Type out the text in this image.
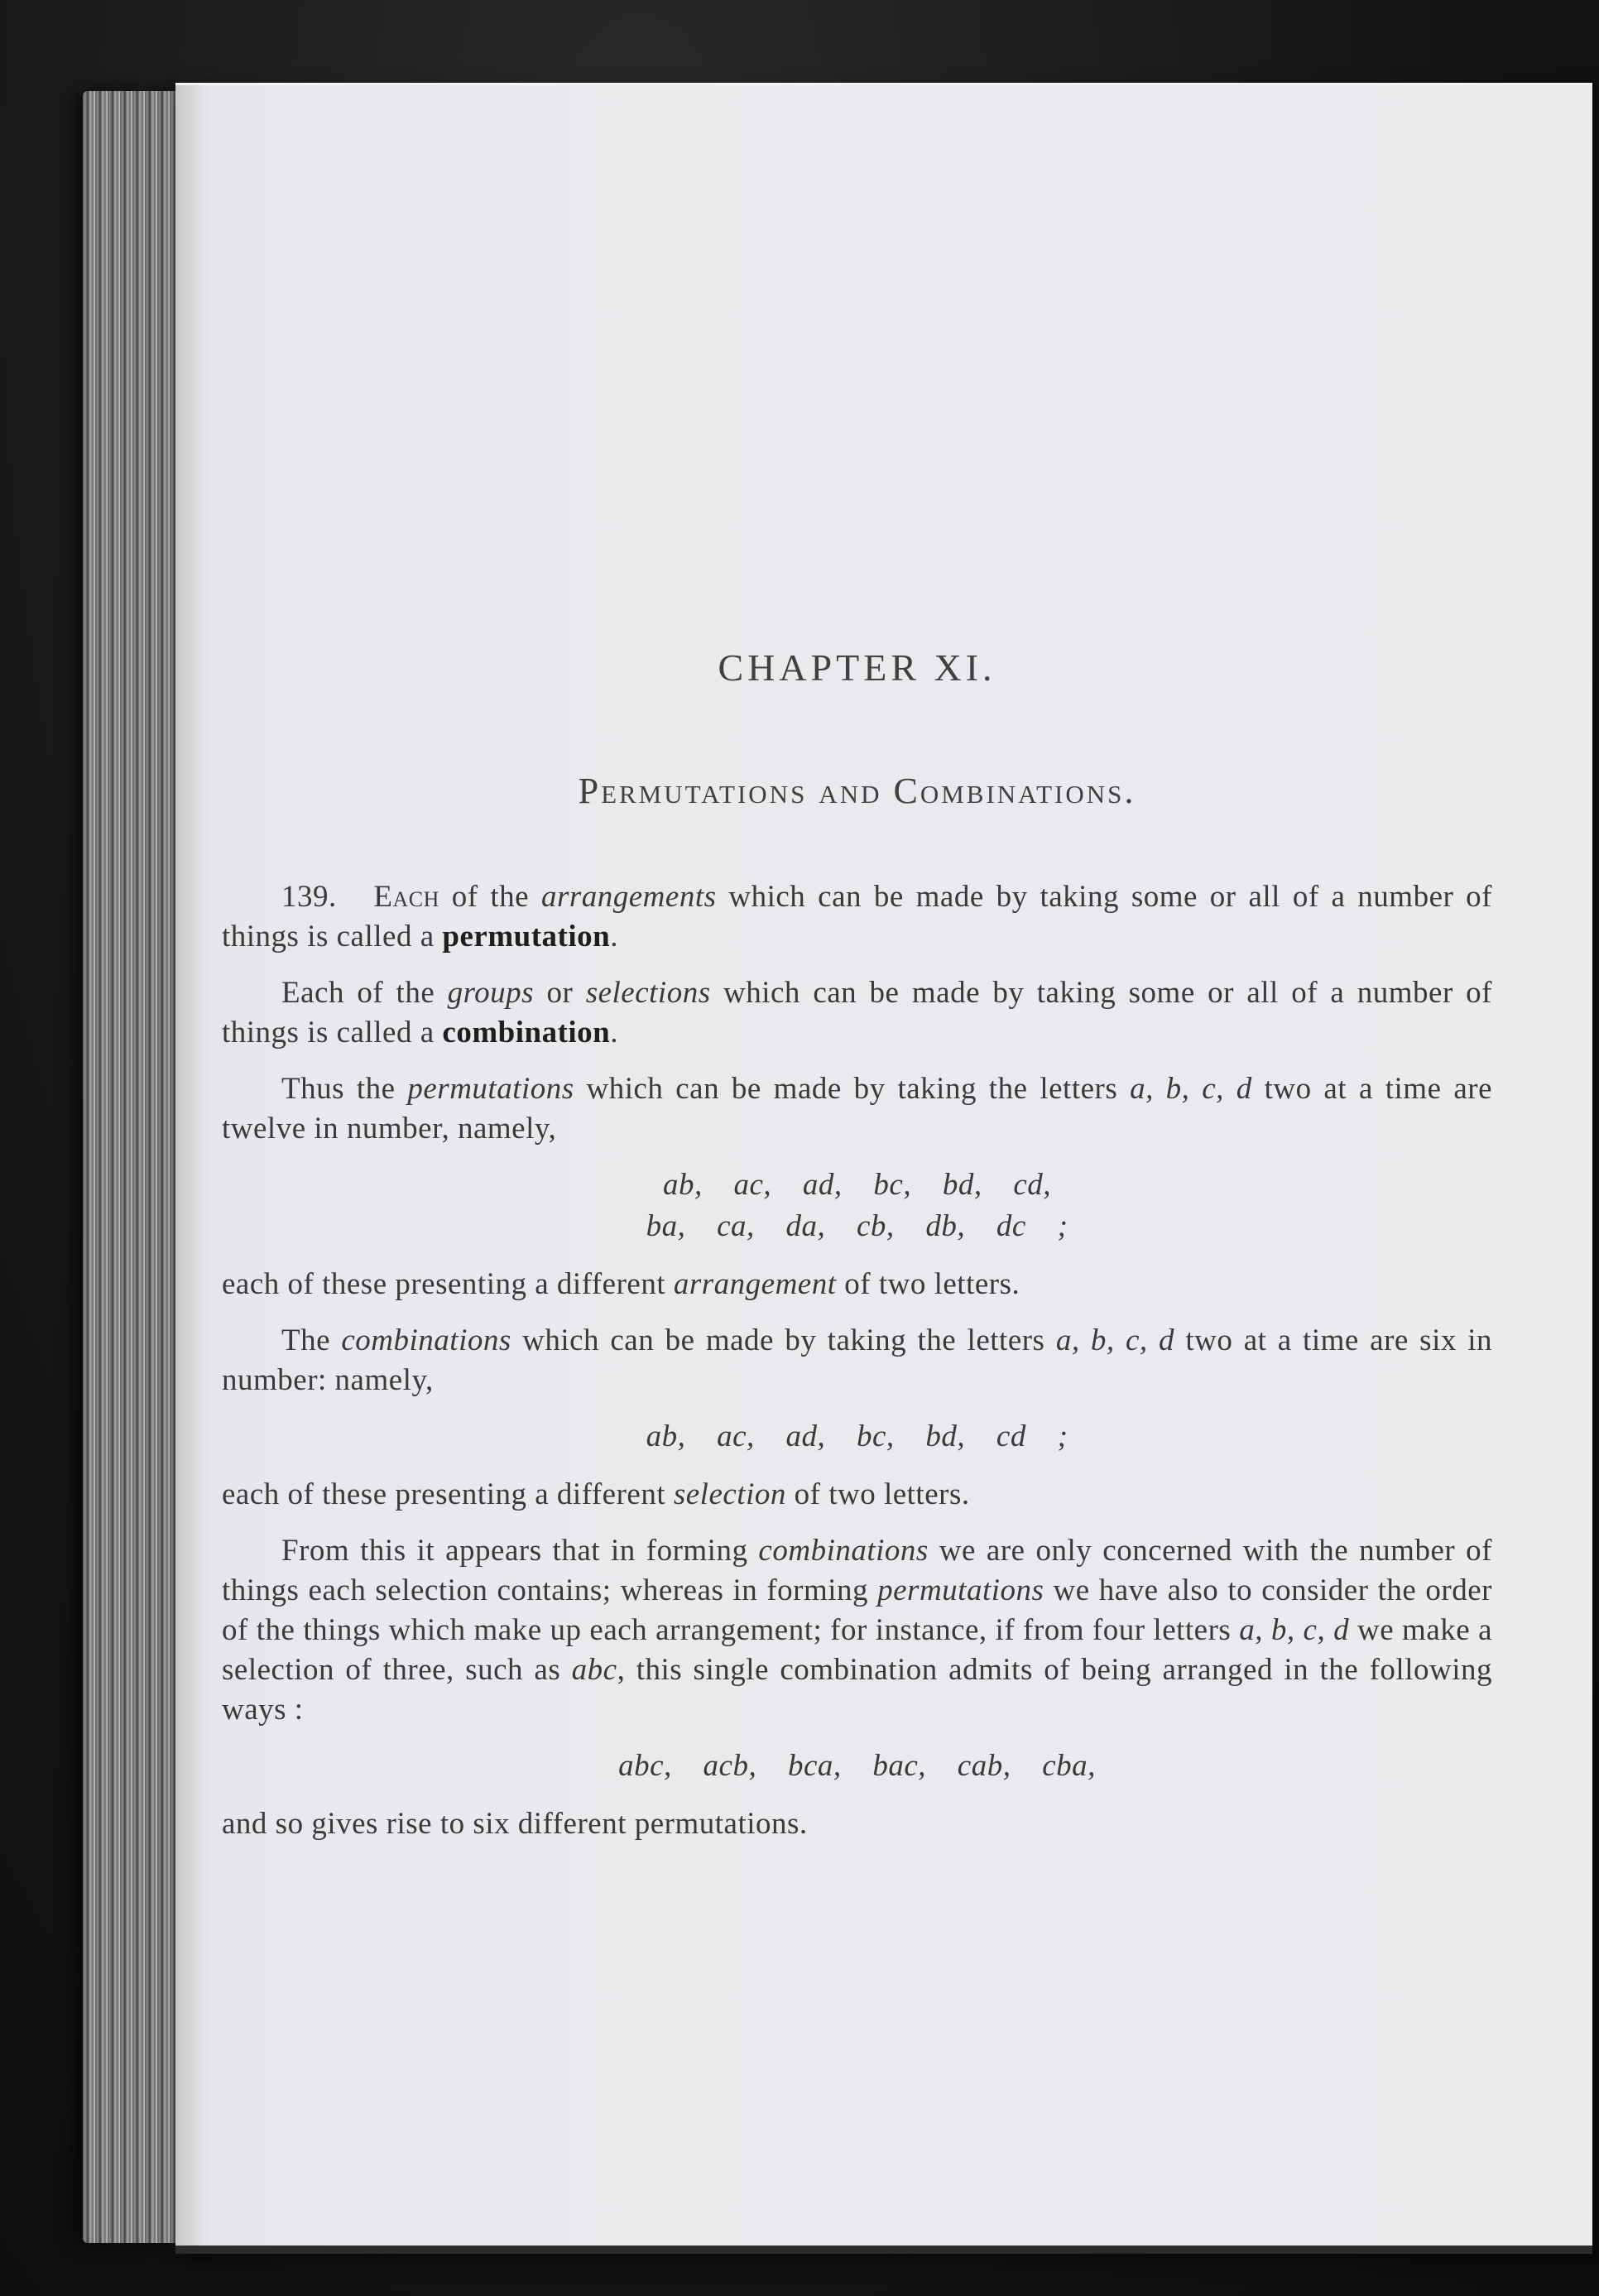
CHAPTER XI.
Permutations and Combinations.

139. Each of the arrangements which can be made by taking some or all of a number of things is called a permutation.

Each of the groups or selections which can be made by taking some or all of a number of things is called a combination.

Thus the permutations which can be made by taking the letters a, b, c, d two at a time are twelve in number, namely,

ab, ac, ad, bc, bd, cd,
ba, ca, da, cb, db, dc ;

each of these presenting a different arrangement of two letters.

The combinations which can be made by taking the letters a, b, c, d two at a time are six in number: namely,

ab, ac, ad, bc, bd, cd ;

each of these presenting a different selection of two letters.

From this it appears that in forming combinations we are only concerned with the number of things each selection contains; whereas in forming permutations we have also to consider the order of the things which make up each arrangement; for instance, if from four letters a, b, c, d we make a selection of three, such as abc, this single combination admits of being arranged in the following ways :

abc, acb, bca, bac, cab, cba,

and so gives rise to six different permutations.
